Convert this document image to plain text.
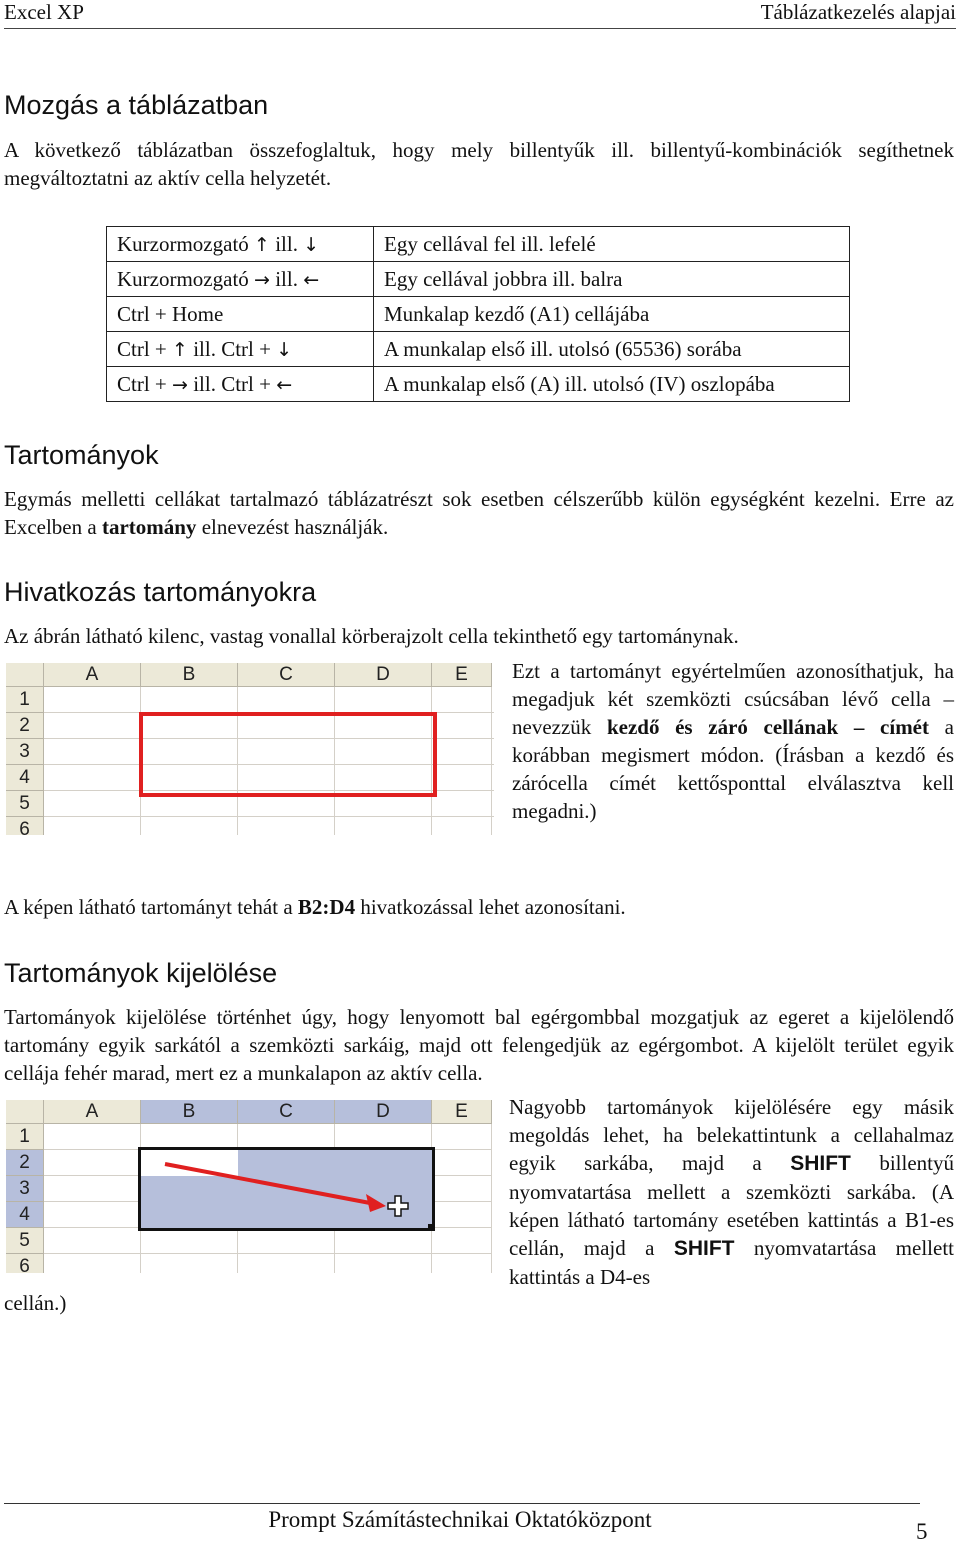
Excel XP	Táblázatkezelés alapjai
Mozgás a táblázatban

A következő táblázatban összefoglaltuk, hogy mely billentyűk ill. billentyű-kombinációk segíthetnek megváltoztatni az aktív cella helyzetét.

Kurzormozgató ↑ ill. ↓	Egy cellával fel ill. lefelé
Kurzormozgató → ill. ←	Egy cellával jobbra ill. balra
Ctrl + Home	Munkalap kezdő (A1) cellájába
Ctrl + ↑ ill. Ctrl + ↓	A munkalap első ill. utolsó (65536) sorába
Ctrl + → ill. Ctrl + ←	A munkalap első (A) ill. utolsó (IV) oszlopába
Tartományok

Egymás melletti cellákat tartalmazó táblázatrészt sok esetben célszerűbb külön egységként kezelni. Erre az Excelben a tartomány elnevezést használják.

Hivatkozás tartományokra

Az ábrán látható kilenc, vastag vonallal körberajzolt cella tekinthető egy tartománynak.

A	B	C	D	E
1
2
3
4
5
6

Ezt a tartományt egyértelműen azonosíthatjuk, ha megadjuk két szemközti csúcsában lévő cella – nevezzük kezdő és záró cellának – címét a korábban megismert módon. (Írásban a kezdő és zárócella címét kettősponttal elválasztva kell megadni.)

A képen látható tartományt tehát a B2:D4 hivatkozással lehet azonosítani.

Tartományok kijelölése

Tartományok kijelölése történhet úgy, hogy lenyomott bal egérgombbal mozgatjuk az egeret a kijelölendő tartomány egyik sarkától a szemközti sarkáig, majd ott felengedjük az egérgombot. A kijelölt terület egyik cellája fehér marad, mert ez a munkalapon az aktív cella.

A	B	C	D	E
1
2
3
4
5
6

Nagyobb tartományok kijelölésére egy másik megoldás lehet, ha belekattintunk a cellahalmaz egyik sarkába, majd a SHIFT billentyű nyomvatartása mellett a szemközti sarkába. (A képen látható tartomány esetében kattintás a B1-es cellán, majd a SHIFT nyomvatartása mellett kattintás a D4-es

cellán.)

Prompt Számítástechnikai Oktatóközpont	5
